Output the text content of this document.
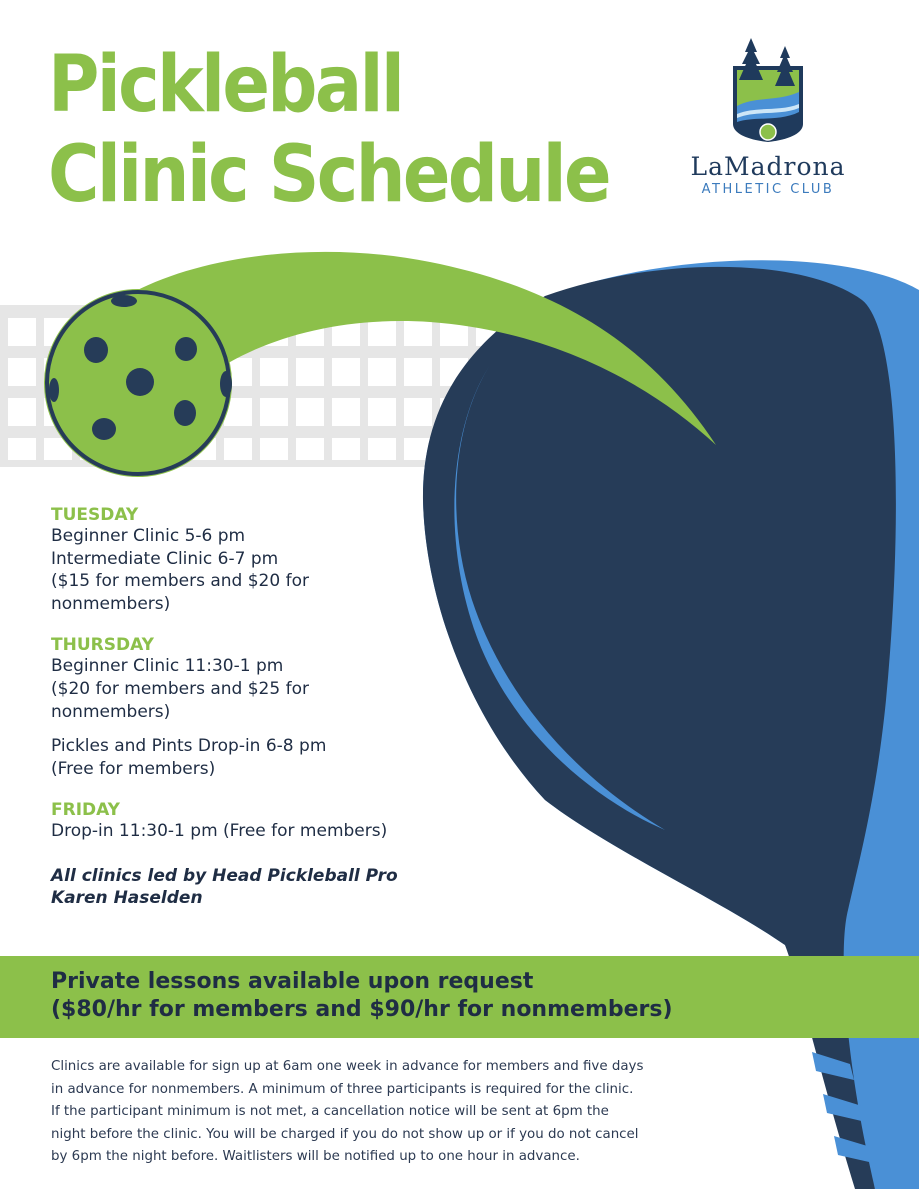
Pickleball
Clinic Schedule	LaMadrona
ATHLETIC CLUB
TUESDAY
Beginner Clinic 5-6 pm
Intermediate Clinic 6-7 pm
($15 for members and $20 for
nonmembers)
THURSDAY
Beginner Clinic 11:30-1 pm
($20 for members and $25 for
nonmembers)
Pickles and Pints Drop-in 6-8 pm
(Free for members)
FRIDAY
Drop-in 11:30-1 pm (Free for members)
All clinics led by Head Pickleball Pro
Karen Haselden
Private lessons available upon request
($80/hr for members and $90/hr for nonmembers)
Clinics are available for sign up at 6am one week in advance for members and five days
in advance for nonmembers. A minimum of three participants is required for the clinic.
If the participant minimum is not met, a cancellation notice will be sent at 6pm the
night before the clinic. You will be charged if you do not show up or if you do not cancel
by 6pm the night before. Waitlisters will be notified up to one hour in advance.
